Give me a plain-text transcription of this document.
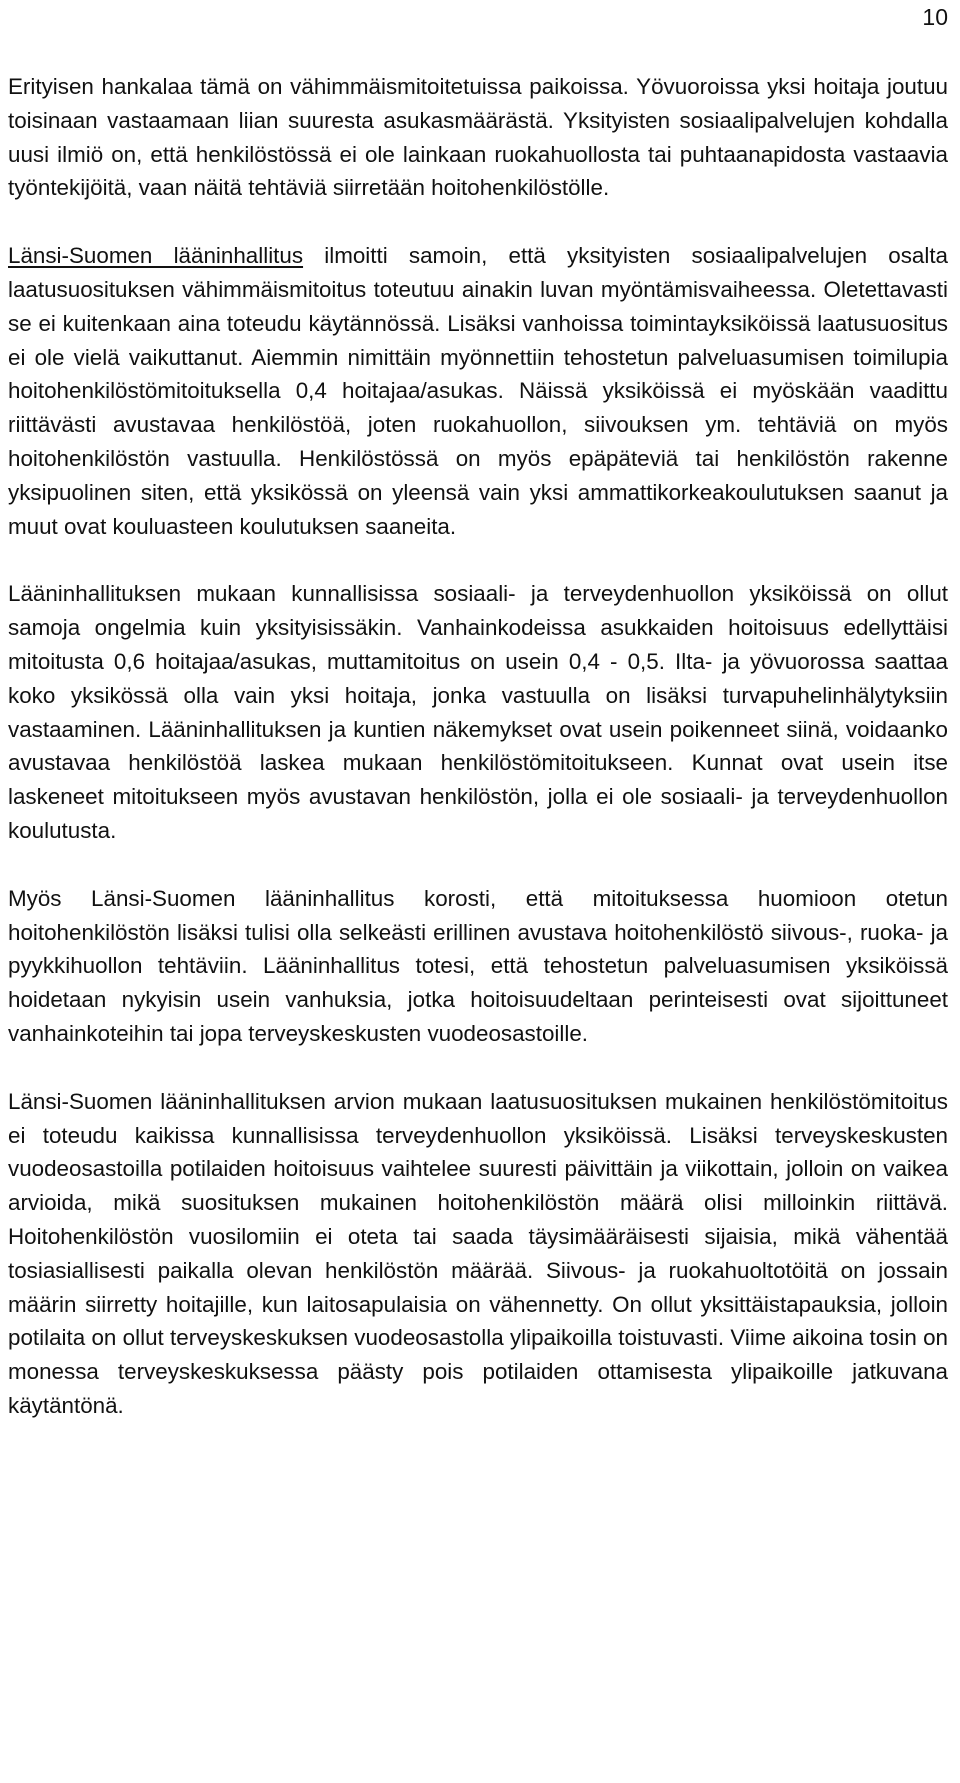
10

Erityisen hankalaa tämä on vähimmäismitoitetuissa paikoissa. Yövuoroissa yksi hoitaja joutuu toisinaan vastaamaan liian suuresta asukasmäärästä. Yksityisten sosiaalipalvelujen kohdalla uusi ilmiö on, että henkilöstössä ei ole lainkaan ruokahuollosta tai puhtaanapidosta vastaavia työntekijöitä, vaan näitä tehtäviä siirretään hoitohenkilöstölle.

Länsi-Suomen lääninhallitus ilmoitti samoin, että yksityisten sosiaalipalvelujen osalta laatusuosituksen vähimmäismitoitus toteutuu ainakin luvan myöntämisvaiheessa. Oletettavasti se ei kuitenkaan aina toteudu käytännössä. Lisäksi vanhoissa toimintayksiköissä laatusuositus ei ole vielä vaikuttanut. Aiemmin nimittäin myönnettiin tehostetun palveluasumisen toimilupia hoitohenkilöstömitoituksella 0,4 hoitajaa/asukas. Näissä yksiköissä ei myöskään vaadittu riittävästi avustavaa henkilöstöä, joten ruokahuollon, siivouksen ym. tehtäviä on myös hoitohenkilöstön vastuulla. Henkilöstössä on myös epäpäteviä tai henkilöstön rakenne yksipuolinen siten, että yksikössä on yleensä vain yksi ammattikorkeakoulutuksen saanut ja muut ovat kouluasteen koulutuksen saaneita.

Lääninhallituksen mukaan kunnallisissa sosiaali- ja terveydenhuollon yksiköissä on ollut samoja ongelmia kuin yksityisissäkin. Vanhainkodeissa asukkaiden hoitoisuus edellyttäisi mitoitusta 0,6 hoitajaa/asukas, muttamitoitus on usein 0,4 - 0,5. Ilta- ja yövuorossa saattaa koko yksikössä olla vain yksi hoitaja, jonka vastuulla on lisäksi turvapuhelinhälytyksiin vastaaminen. Lääninhallituksen ja kuntien näkemykset ovat usein poikenneet siinä, voidaanko avustavaa henkilöstöä laskea mukaan henkilöstömitoitukseen. Kunnat ovat usein itse laskeneet mitoitukseen myös avustavan henkilöstön, jolla ei ole sosiaali- ja terveydenhuollon koulutusta.

Myös Länsi-Suomen lääninhallitus korosti, että mitoituksessa huomioon otetun hoitohenkilöstön lisäksi tulisi olla selkeästi erillinen avustava hoitohenkilöstö siivous-, ruoka- ja pyykkihuollon tehtäviin. Lääninhallitus totesi, että tehostetun palveluasumisen yksiköissä hoidetaan nykyisin usein vanhuksia, jotka hoitoisuudeltaan perinteisesti ovat sijoittuneet vanhainkoteihin tai jopa terveyskeskusten vuodeosastoille.

Länsi-Suomen lääninhallituksen arvion mukaan laatusuosituksen mukainen henkilöstömitoitus ei toteudu kaikissa kunnallisissa terveydenhuollon yksiköissä. Lisäksi terveyskeskusten vuodeosastoilla potilaiden hoitoisuus vaihtelee suuresti päivittäin ja viikottain, jolloin on vaikea arvioida, mikä suosituksen mukainen hoitohenkilöstön määrä olisi milloinkin riittävä. Hoitohenkilöstön vuosilomiin ei oteta tai saada täysimääräisesti sijaisia, mikä vähentää tosiasiallisesti paikalla olevan henkilöstön määrää. Siivous- ja ruokahuoltotöitä on jossain määrin siirretty hoitajille, kun laitosapulaisia on vähennetty. On ollut yksittäistapauksia, jolloin potilaita on ollut terveyskeskuksen vuodeosastolla ylipaikoilla toistuvasti. Viime aikoina tosin on monessa terveyskeskuksessa päästy pois potilaiden ottamisesta ylipaikoille jatkuvana käytäntönä.
